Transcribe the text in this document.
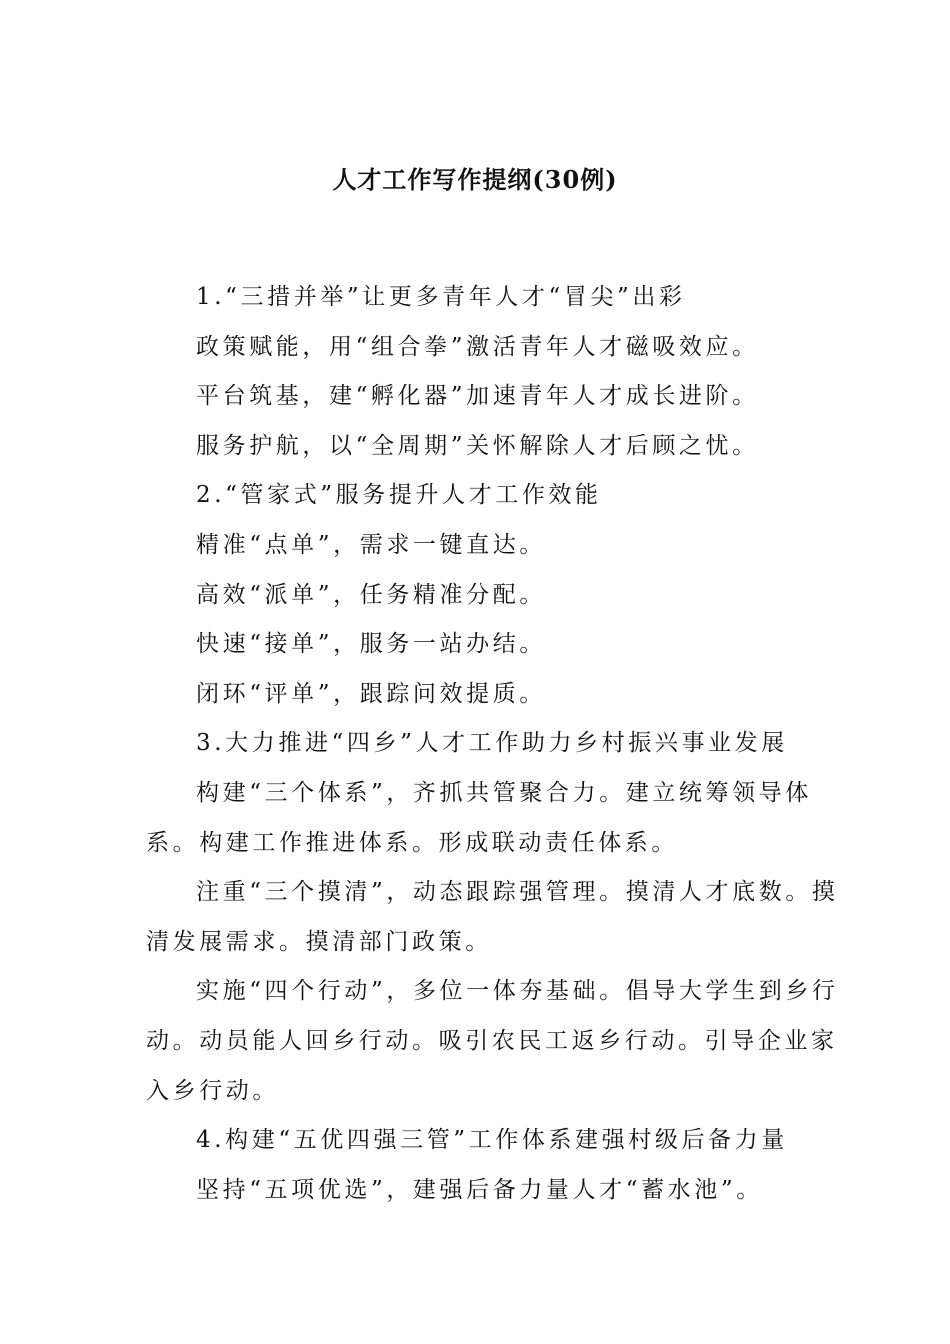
人才工作写作提纲(30例)

1.“三措并举”让更多青年人才“冒尖”出彩

政策赋能，用“组合拳”激活青年人才磁吸效应。

平台筑基，建“孵化器”加速青年人才成长进阶。

服务护航，以“全周期”关怀解除人才后顾之忧。

2.“管家式”服务提升人才工作效能

精准“点单”，需求一键直达。

高效“派单”，任务精准分配。

快速“接单”，服务一站办结。

闭环“评单”，跟踪问效提质。

3.大力推进“四乡”人才工作助力乡村振兴事业发展

构建“三个体系”，齐抓共管聚合力。建立统筹领导体系。构建工作推进体系。形成联动责任体系。

注重“三个摸清”，动态跟踪强管理。摸清人才底数。摸清发展需求。摸清部门政策。

实施“四个行动”，多位一体夯基础。倡导大学生到乡行动。动员能人回乡行动。吸引农民工返乡行动。引导企业家入乡行动。

4.构建“五优四强三管”工作体系建强村级后备力量

坚持“五项优选”，建强后备力量人才“蓄水池”。
